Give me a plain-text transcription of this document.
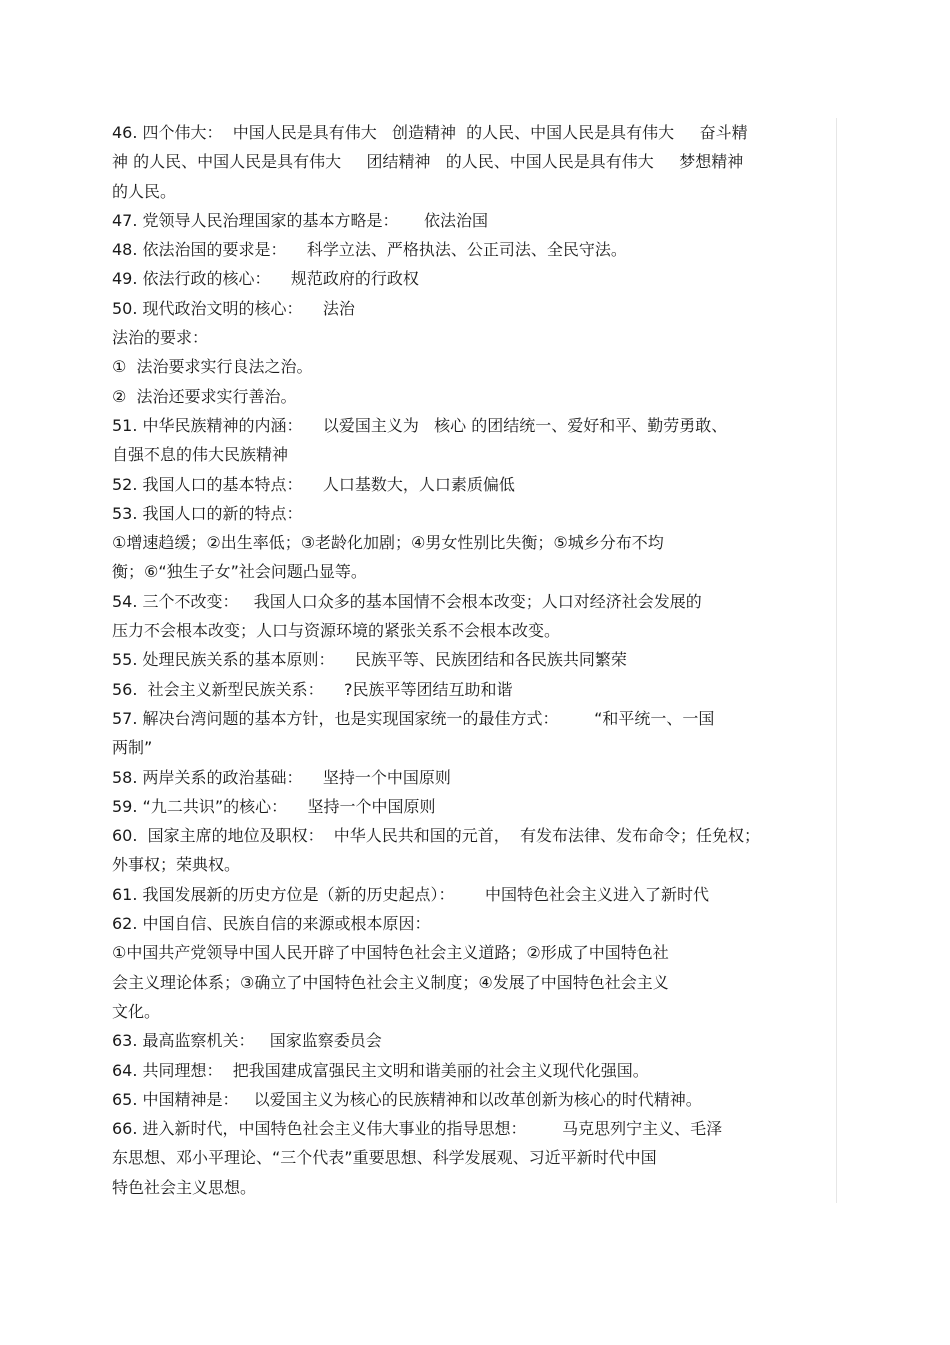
46. 四个伟大：  中国人民是具有伟大   创造精神  的人民、中国人民是具有伟大     奋斗精
神 的人民、中国人民是具有伟大     团结精神   的人民、中国人民是具有伟大     梦想精神
的人民。
47. 党领导人民治理国家的基本方略是：     依法治国
48. 依法治国的要求是：    科学立法、严格执法、公正司法、全民守法。
49. 依法行政的核心：    规范政府的行政权
50. 现代政治文明的核心：    法治
法治的要求：
①  法治要求实行良法之治。
②  法治还要求实行善治。
51. 中华民族精神的内涵：    以爱国主义为   核心 的团结统一、爱好和平、勤劳勇敢、
自强不息的伟大民族精神
52. 我国人口的基本特点：    人口基数大，人口素质偏低
53. 我国人口的新的特点：
①增速趋缓；②出生率低；③老龄化加剧；④男女性别比失衡；⑤城乡分布不均
衡；⑥“独生子女”社会问题凸显等。
54. 三个不改变：   我国人口众多的基本国情不会根本改变；人口对经济社会发展的
压力不会根本改变；人口与资源环境的紧张关系不会根本改变。
55. 处理民族关系的基本原则：    民族平等、民族团结和各民族共同繁荣
56.  社会主义新型民族关系：    ?民族平等团结互助和谐
57. 解决台湾问题的基本方针，也是实现国家统一的最佳方式：       “和平统一、一国
两制”
58. 两岸关系的政治基础：    坚持一个中国原则
59. “九二共识”的核心：    坚持一个中国原则
60.  国家主席的地位及职权：  中华人民共和国的元首，  有发布法律、发布命令；任免权；
外事权；荣典权。
61. 我国发展新的历史方位是（新的历史起点）：      中国特色社会主义进入了新时代
62. 中国自信、民族自信的来源或根本原因：
①中国共产党领导中国人民开辟了中国特色社会主义道路；②形成了中国特色社
会主义理论体系；③确立了中国特色社会主义制度；④发展了中国特色社会主义
文化。
63. 最高监察机关：   国家监察委员会
64. 共同理想：  把我国建成富强民主文明和谐美丽的社会主义现代化强国。
65. 中国精神是：   以爱国主义为核心的民族精神和以改革创新为核心的时代精神。
66. 进入新时代，中国特色社会主义伟大事业的指导思想：       马克思列宁主义、毛泽
东思想、邓小平理论、“三个代表”重要思想、科学发展观、习近平新时代中国
特色社会主义思想。
